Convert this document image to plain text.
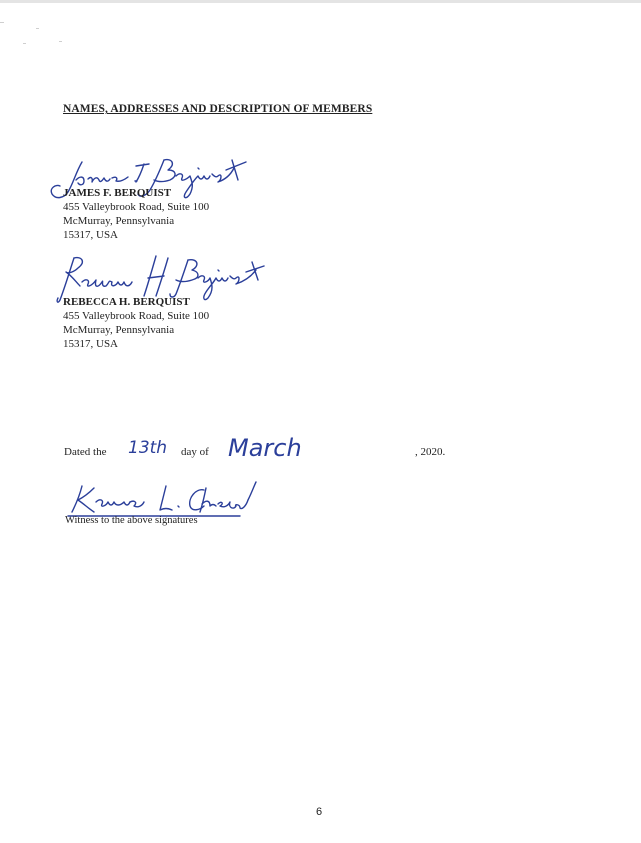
NAMES, ADDRESSES AND DESCRIPTION OF MEMBERS
JAMES F. BERQUIST
455 Valleybrook Road, Suite 100
McMurray, Pennsylvania
15317, USA
REBECCA H. BERQUIST
455 Valleybrook Road, Suite 100
McMurray, Pennsylvania
15317, USA
Dated the 13th day of March	, 2020.
Witness to the above signatures
6
